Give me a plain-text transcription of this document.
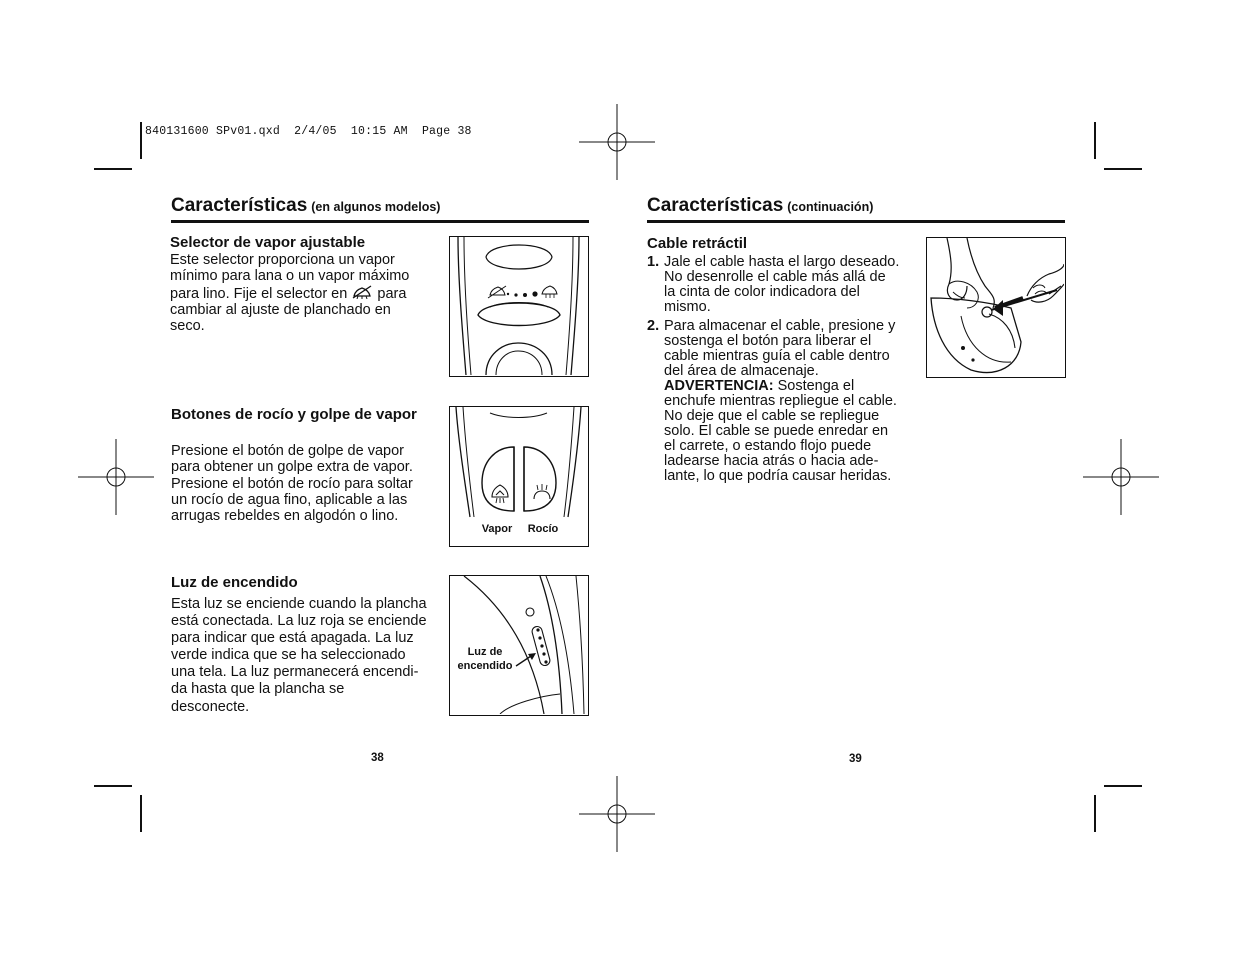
840131600 SPv01.qxd  2/4/05  10:15 AM  Page 38
Características (en algunos modelos)
Selector de vapor ajustable
Este selector proporciona un vapor
mínimo para lana o un vapor máximo
para lino. Fije el selector en para
cambiar al ajuste de planchado en
seco.
Botones de rocío y golpe de vapor
Presione el botón de golpe de vapor
para obtener un golpe extra de vapor.
Presione el botón de rocío para soltar
un rocío de agua fino, aplicable a las
arrugas rebeldes en algodón o lino.
Vapor Rocío
Luz de encendido
Esta luz se enciende cuando la plancha
está conectada. La luz roja se enciende
para indicar que está apagada. La luz
verde indica que se ha seleccionado
una tela. La luz permanecerá encendi-
da hasta que la plancha se
desconecte.
Luz de
encendido
38
Características (continuación)
Cable retráctil
1. Jale el cable hasta el largo deseado.
No desenrolle el cable más allá de
la cinta de color indicadora del
mismo.
2. Para almacenar el cable, presione y
sostenga el botón para liberar el
cable mientras guía el cable dentro
del área de almacenaje.
ADVERTENCIA: Sostenga el
enchufe mientras repliegue el cable.
No deje que el cable se repliegue
solo. El cable se puede enredar en
el carrete, o estando flojo puede
ladearse hacia atrás o hacia ade-
lante, lo que podría causar heridas.
39
